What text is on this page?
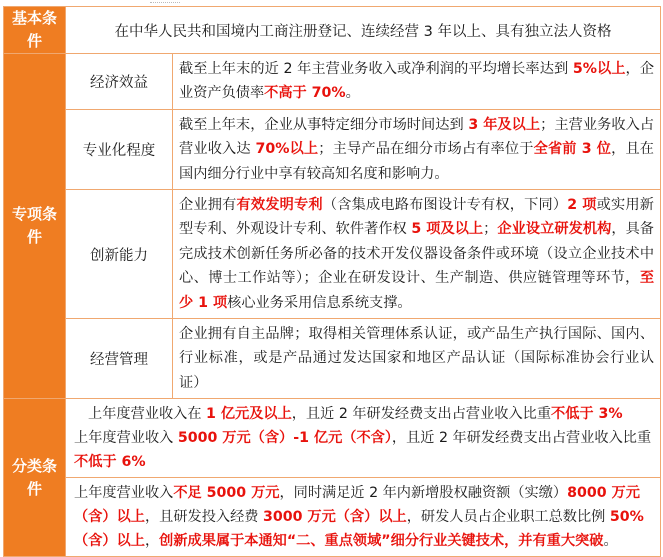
基本条件	在中华人民共和国境内工商注册登记、连续经营 3 年以上、具有独立法人资格	
专项条件	经济效益	截至上年末的近 2 年主营业务收入或净利润的平均增长率达到 5%以上，企业资产负债率不高于 70%。
	专业化程度	截至上年末，企业从事特定细分市场时间达到 3 年及以上；主营业务收入占营业收入达 70%以上；主导产品在细分市场占有率位于全省前 3 位，且在国内细分行业中享有较高知名度和影响力。
	创新能力	企业拥有有效发明专利（含集成电路布图设计专有权，下同）2 项或实用新型专利、外观设计专利、软件著作权 5 项及以上；企业设立研发机构，具备完成技术创新任务所必备的技术开发仪器设备条件或环境（设立企业技术中心、博士工作站等）；企业在研发设计、生产制造、供应链管理等环节，至少 1 项核心业务采用信息系统支撑。
	经营管理	企业拥有自主品牌；取得相关管理体系认证，或产品生产执行国际、国内、行业标准，或是产品通过发达国家和地区产品认证（国际标准协会行业认证）
分类条件	上年度营业收入在 1 亿元及以上，且近 2 年研发经费支出占营业收入比重不低于 3%
上年度营业收入 5000 万元（含）-1 亿元（不含），且近 2 年研发经费支出占营业收入比重不低于 6%
上年度营业收入不足 5000 万元，同时满足近 2 年内新增股权融资额（实缴）8000 万元（含）以上，且研发投入经费 3000 万元（含）以上，研发人员占企业职工总数比例 50%（含）以上，创新成果属于本通知“二、重点领域”细分行业关键技术，并有重大突破。	
